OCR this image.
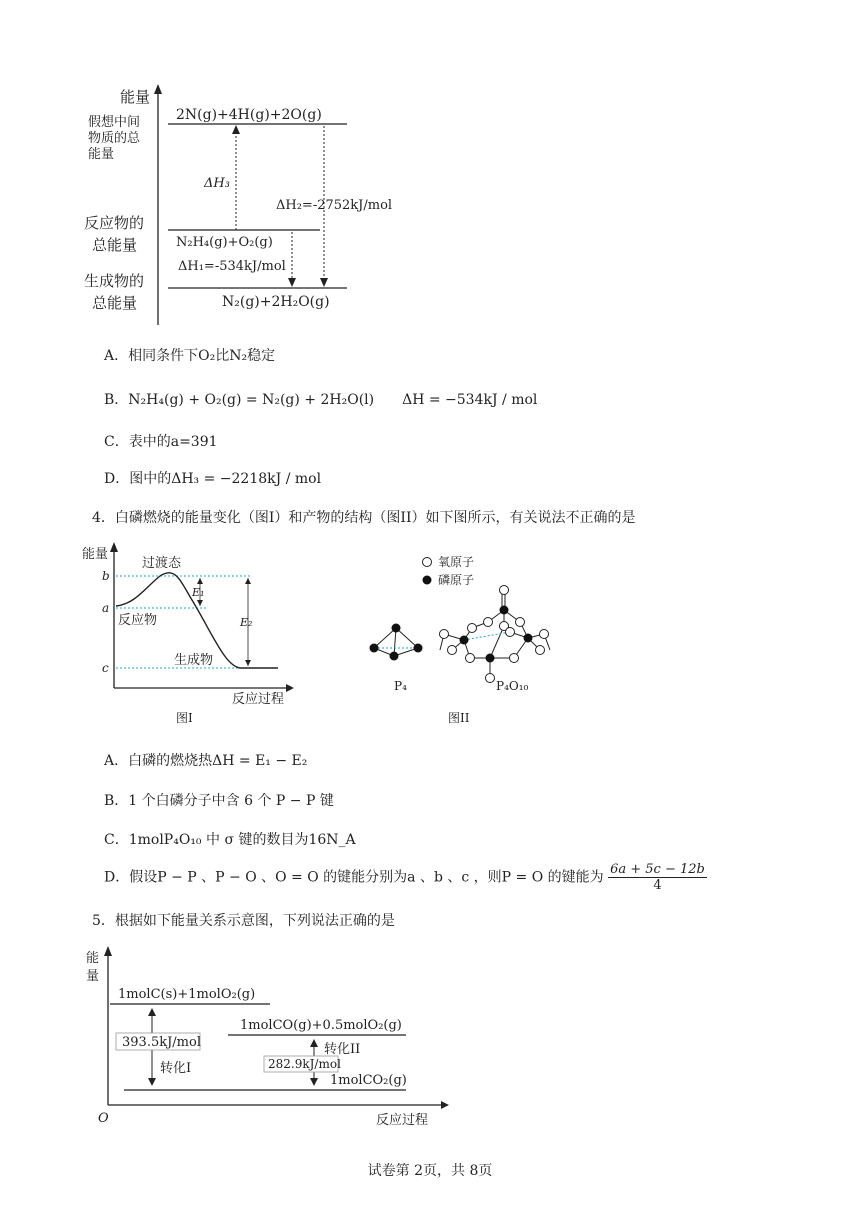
能量
假想中间
物质的总
能量
反应物的
总能量
生成物的
总能量
2N(g)+4H(g)+2O(g)
N₂H₄(g)+O₂(g)
N₂(g)+2H₂O(g)
ΔH₃
ΔH₂=-2752kJ/mol
ΔH₁=-534kJ/mol
A．相同条件下O₂比N₂稳定
B．N₂H₄(g) + O₂(g) = N₂(g) + 2H₂O(l)　　ΔH = −534kJ / mol
C．表中的a=391
D．图中的ΔH₃ = −2218kJ / mol
4．白磷燃烧的能量变化（图I）和产物的结构（图II）如下图所示，有关说法不正确的是
能量
反应过程
b
a
c
过渡态
反应物
生成物
E₁
E₂
图I
氧原子
磷原子
P₄	P₄O₁₀
图II
A．白磷的燃烧热ΔH = E₁ − E₂
B．1 个白磷分子中含 6 个 P − P 键
C．1molP₄O₁₀ 中 σ 键的数目为16N_A
D．假设P − P 、P − O 、O = O 的键能分别为a 、b 、c ，则P = O 的键能为 $\frac{6a + 5c - 12b}{4}$
5．根据如下能量关系示意图，下列说法正确的是
能
量
O	反应过程
1molC(s)+1molO₂(g)
1molCO(g)+0.5molO₂(g)
1molCO₂(g)
393.5kJ/mol
转化I	282.9kJ/mol
转化II
试卷第 2页，共 8页
